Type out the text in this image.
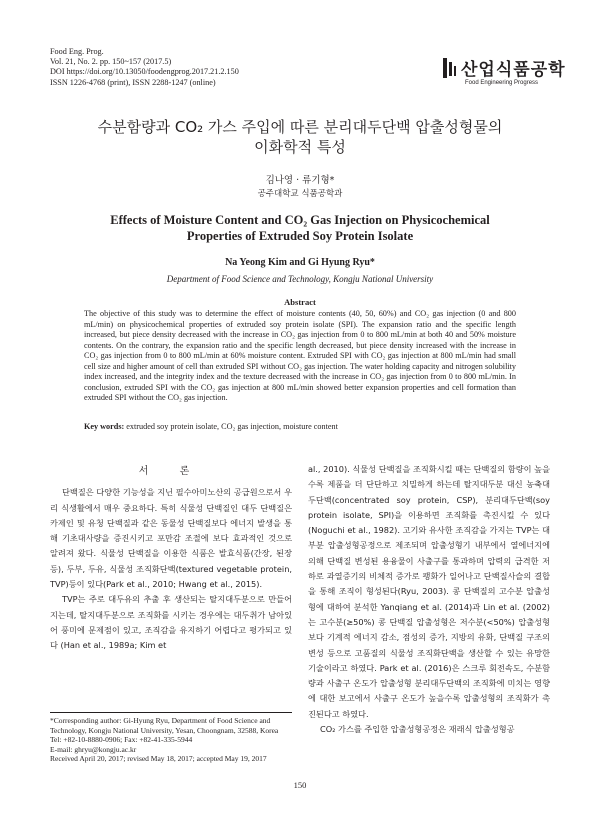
Food Eng. Prog.
Vol. 21, No. 2. pp. 150~157 (2017.5)
DOI https://doi.org/10.13050/foodengprog.2017.21.2.150
ISSN 1226-4768 (print), ISSN 2288-1247 (online)
산업식품공학
Food Engineering Progress
수분함량과 CO₂ 가스 주입에 따른 분리대두단백 압출성형물의
이화학적 특성
김나영 · 류기형*
공주대학교 식품공학과
Effects of Moisture Content and CO₂ Gas Injection on Physicochemical
Properties of Extruded Soy Protein Isolate
Na Yeong Kim and Gi Hyung Ryu*
Department of Food Science and Technology, Kongju National University
Abstract
The objective of this study was to determine the effect of moisture contents (40, 50, 60%) and CO₂ gas injection (0 and 800 mL/min) on physicochemical properties of extruded soy protein isolate (SPI). The expansion ratio and the specific length increased, but piece density decreased with the increase in CO₂ gas injection from 0 to 800 mL/min at both 40 and 50% moisture contents. On the contrary, the expansion ratio and the specific length decreased, but piece density increased with the increase in CO₂ gas injection from 0 to 800 mL/min at 60% moisture content. Extruded SPI with CO₂ gas injection at 800 mL/min had small cell size and higher amount of cell than extruded SPI without CO₂ gas injection. The water holding capacity and nitrogen solubility index increased, and the integrity index and the texture decreased with the increase in CO₂ gas injection from 0 to 800 mL/min. In conclusion, extruded SPI with the CO₂ gas injection at 800 mL/min showed better expansion properties and cell formation than extruded SPI without the CO₂ gas injection.
Key words: extruded soy protein isolate, CO₂ gas injection, moisture content
서 론

단백질은 다양한 기능성을 지닌 필수아미노산의 공급원으로서 우리 식생활에서 매우 중요하다. 특히 식물성 단백질인 대두 단백질은 카제인 및 유청 단백질과 같은 동물성 단백질보다 에너지 발생을 통해 기초대사량을 증진시키고 포만감 조절에 보다 효과적인 것으로 알려져 왔다. 식물성 단백질을 이용한 식품은 발효식품(간장, 된장 등), 두부, 두유, 식물성 조직화단백(textured vegetable protein, TVP)등이 있다(Park et al., 2010; Hwang et al., 2015).

TVP는 주로 대두유의 추출 후 생산되는 탈지대두분으로 만들어지는데, 탈지대두분으로 조직화를 시키는 경우에는 대두취가 남아있어 풍미에 문제점이 있고, 조직감을 유지하기 어렵다고 평가되고 있다 (Han et al., 1989a; Kim et

al., 2010). 식물성 단백질을 조직화시킬 때는 단백질의 함량이 높을수록 제품을 더 단단하고 치밀하게 하는데 탈지대두분 대신 농축대두단백(concentrated soy protein, CSP), 분리대두단백(soy protein isolate, SPI)을 이용하면 조직화를 촉진시킬 수 있다(Noguchi et al., 1982). 고기와 유사한 조직감을 가지는 TVP는 대부분 압출성형공정으로 제조되며 압출성형기 내부에서 열에너지에 의해 단백질 변성된 용융물이 사출구를 통과하며 압력의 급격한 저하로 과열증기의 비체적 증가로 팽화가 일어나고 단백질사슬의 결합을 통해 조직이 형성된다(Ryu, 2003). 콩 단백질의 고수분 압출성형에 대하여 분석한 Yanqiang et al. (2014)과 Lin et al. (2002)는 고수분(≥50%) 콩 단백질 압출성형은 저수분(<50%) 압출성형보다 기계적 에너지 감소, 점성의 증가, 지방의 유화, 단백질 구조의 변성 등으로 고품질의 식물성 조직화단백을 생산할 수 있는 유망한 기술이라고 하였다. Park et al. (2016)은 스크루 회전속도, 수분함량과 사출구 온도가 압출성형 분리대두단백의 조직화에 미치는 영향에 대한 보고에서 사출구 온도가 높을수록 압출성형의 조직화가 촉진된다고 하였다.

CO₂ 가스를 주입한 압출성형공정은 재래식 압출성형공

*Corresponding author: Gi-Hyung Ryu, Department of Food Science and Technology, Kongju National University, Yesan, Choongnam, 32588, Korea
Tel: +82-10-8880-0906; Fax: +82-41-335-5944
E-mail: ghryu@kongju.ac.kr
Received April 20, 2017; revised May 18, 2017; accepted May 19, 2017
150
